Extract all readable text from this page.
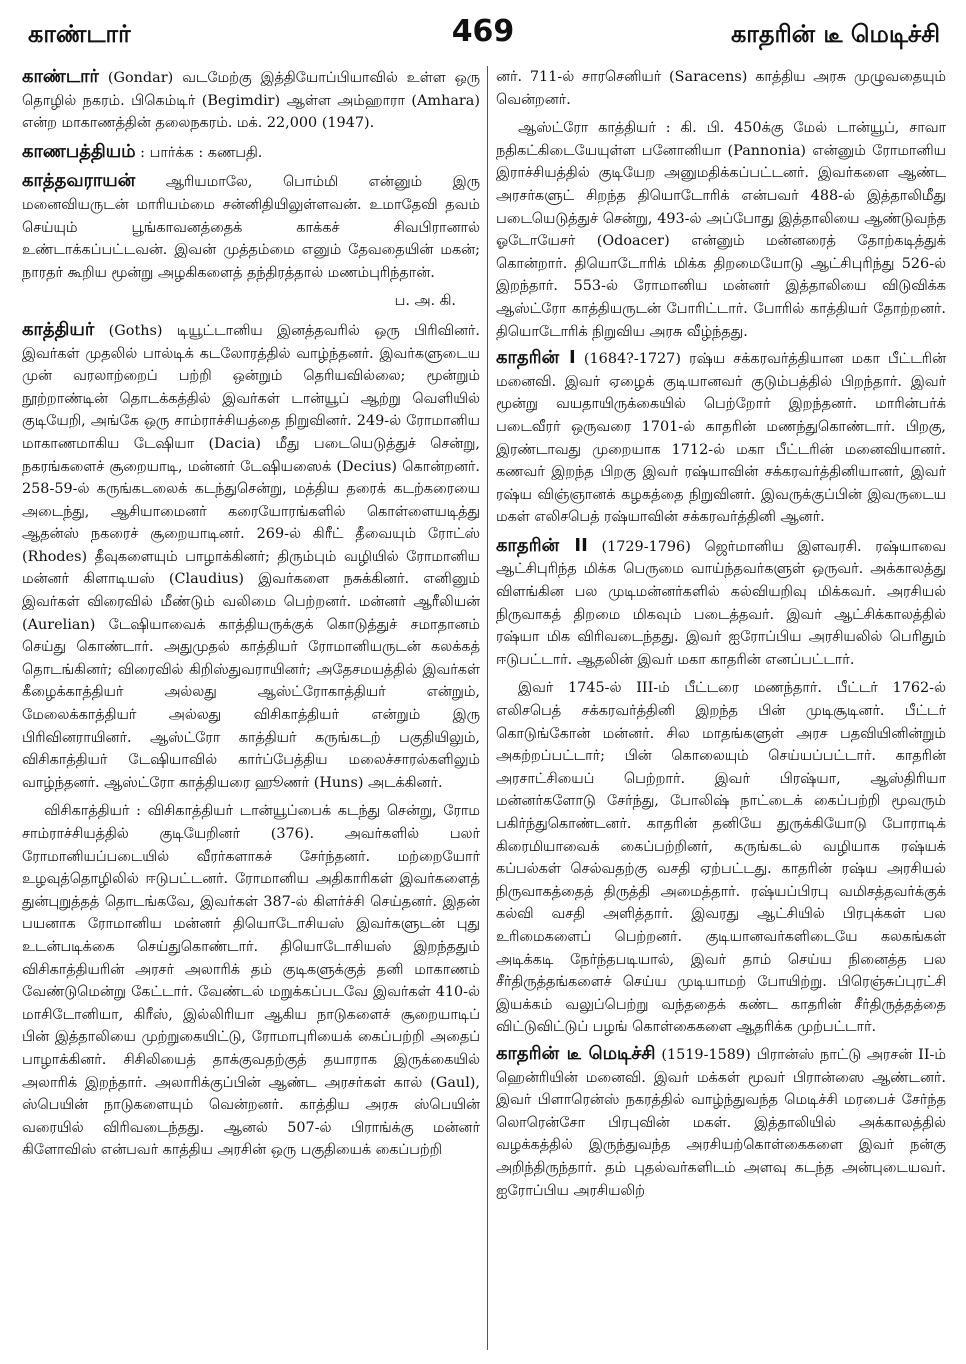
காண்டார்	469	காதரின் டீ மெடிச்சி

காண்டார் (Gondar) வடமேற்கு இத்தியோப்பியாவில் உள்ள ஒரு தொழில் நகரம். பிகெம்டிர் (Begimdir) ஆள்ள அம்ஹாரா (Amhara) என்ற மாகாணத்தின் தலைநகரம். மக். 22,000 (1947).

காணபத்தியம் : பார்க்க : கணபதி.

காத்தவராயன் ஆரியமாலே, பொம்மி என்னும் இரு மனைவியருடன் மாரியம்மை சன்னிதியிலுள்ளவன். உமாதேவி தவம் செய்யும் பூங்காவனத்தைக் காக்கச் சிவபிரானால் உண்டாக்கப்பட்டவன். இவன் முத்தம்மை எனும் தேவதையின் மகன்; நாரதர் கூறிய மூன்று அழகிகளைத் தந்திரத்தால் மணம்புரிந்தான்.

ப. அ. கி.

காத்தியர் (Goths) டியூட்டானிய இனத்தவரில் ஒரு பிரிவினர். இவர்கள் முதலில் பால்டிக் கடலோரத்தில் வாழ்ந்தனர். இவர்களுடைய முன் வரலாற்றைப் பற்றி ஒன்றும் தெரியவில்லை; மூன்றும் நூற்றாண்டின் தொடக்கத்தில் இவர்கள் டான்யூப் ஆற்று வெளியில் குடியேறி, அங்கே ஒரு சாம்ராச்சியத்தை நிறுவினர். 249-ல் ரோமானிய மாகாணமாகிய டேஷியா (Dacia) மீது படையெடுத்துச் சென்று, நகரங்களைச் சூறையாடி, மன்னர் டேஷியஸைக் (Decius) கொன்றனர். 258-59-ல் கருங்கடலைக் கடந்துசென்று, மத்திய தரைக் கடற்கரையை அடைந்து, ஆசியாமைனர் கரையோரங்களில் கொள்ளையடித்து ஆதன்ஸ் நகரைச் சூறையாடினர். 269-ல் கிரீட் தீவையும் ரோட்ஸ் (Rhodes) தீவுகளையும் பாழாக்கினர்; திரும்பும் வழியில் ரோமானிய மன்னர் கிளாடியஸ் (Claudius) இவர்களை நசுக்கினர். எனினும் இவர்கள் விரைவில் மீண்டும் வலிமை பெற்றனர். மன்னர் ஆரீலியன் (Aurelian) டேஷியாவைக் காத்தியருக்குக் கொடுத்துச் சமாதானம் செய்து கொண்டார். அதுமுதல் காத்தியர் ரோமானியருடன் கலக்கத் தொடங்கினர்; விரைவில் கிறிஸ்துவராயினர்; அதேசமயத்தில் இவர்கள் கீழைக்காத்தியர் அல்லது ஆஸ்ட்ரோகாத்தியர் என்றும், மேலைக்காத்தியர் அல்லது விசிகாத்தியர் என்றும் இரு பிரிவினராயினர். ஆஸ்ட்ரோ காத்தியர் கருங்கடற் பகுதியிலும், விசிகாத்தியர் டேஷியாவில் கார்ப்பேத்திய மலைச்சாரல்களிலும் வாழ்ந்தனர். ஆஸ்ட்ரோ காத்தியரை ஹூணர் (Huns) அடக்கினர்.

விசிகாத்தியர் : விசிகாத்தியர் டான்யூப்பைக் கடந்து சென்று, ரோம சாம்ராச்சியத்தில் குடியேறினர் (376). அவர்களில் பலர் ரோமானியப்படையில் வீரர்களாகச் சேர்ந்தனர். மற்றையோர் உழவுத்தொழிலில் ஈடுபட்டனர். ரோமானிய அதிகாரிகள் இவர்களைத் துன்புறுத்தத் தொடங்கவே, இவர்கள் 387-ல் கிளர்ச்சி செய்தனர். இதன் பயனாக ரோமானிய மன்னர் தியொடோசியஸ் இவர்களுடன் புது உடன்படிக்கை செய்துகொண்டார். தியொடோசியஸ் இறந்ததும் விசிகாத்தியரின் அரசர் அலாரிக் தம் குடிகளுக்குத் தனி மாகாணம் வேண்டுமென்று கேட்டார். வேண்டல் மறுக்கப்படவே இவர்கள் 410-ல் மாசிடோனியா, கிரீஸ், இல்லிரியா ஆகிய நாடுகளைச் சூறையாடிப் பின் இத்தாலியை முற்றுகையிட்டு, ரோமாபுரியைக் கைப்பற்றி அதைப் பாழாக்கினர். சிசிலியைத் தாக்குவதற்குத் தயாராக இருக்கையில் அலாரிக் இறந்தார். அலாரிக்குப்பின் ஆண்ட அரசர்கள் கால் (Gaul), ஸ்பெயின் நாடுகளையும் வென்றனர். காத்திய அரசு ஸ்பெயின் வரையில் விரிவடைந்தது. ஆனல் 507-ல் பிராங்க்கு மன்னர் கிளோவிஸ் என்பவர் காத்திய அரசின் ஒரு பகுதியைக் கைப்பற்றி

னர். 711-ல் சாரசெனியர் (Saracens) காத்திய அரசு முழுவதையும் வென்றனர்.

ஆஸ்ட்ரோ காத்தியர் : கி. பி. 450க்கு மேல் டான்யூப், சாவா நதிகட்கிடையேயுள்ள பனோனியா (Pannonia) என்னும் ரோமானிய இராச்சியத்தில் குடியேற அனுமதிக்கப்பட்டனர். இவர்களை ஆண்ட அரசர்களுட் சிறந்த தியொடோரிக் என்பவர் 488-ல் இத்தாலிமீது படையெடுத்துச் சென்று, 493-ல் அப்போது இத்தாலியை ஆண்டுவந்த ஓடோயேசர் (Odoacer) என்னும் மன்னரைத் தோற்கடித்துக் கொன்றார். தியொடோரிக் மிக்க திறமையோடு ஆட்சிபுரிந்து 526-ல் இறந்தார். 553-ல் ரோமானிய மன்னர் இத்தாலியை விடுவிக்க ஆஸ்ட்ரோ காத்தியருடன் போரிட்டார். போரில் காத்தியர் தோற்றனர். தியொடோரிக் நிறுவிய அரசு வீழ்ந்தது.

காதரின் I (1684?-1727) ரஷ்ய சக்கரவர்த்தியான மகா பீட்டரின் மனைவி. இவர் ஏழைக் குடியானவர் குடும்பத்தில் பிறந்தார். இவர் மூன்று வயதாயிருக்கையில் பெற்றோர் இறந்தனர். மாரின்பர்க் படைவீரர் ஒருவரை 1701-ல் காதரின் மணந்துகொண்டார். பிறகு, இரண்டாவது முறையாக 1712-ல் மகா பீட்டரின் மனைவியானர். கணவர் இறந்த பிறகு இவர் ரஷ்யாவின் சக்கரவர்த்தினியானர், இவர் ரஷ்ய விஞ்ஞானக் கழகத்தை நிறுவினர். இவருக்குப்பின் இவருடைய மகள் எலிசபெத் ரஷ்யாவின் சக்கரவர்த்தினி ஆனர்.

காதரின் II (1729-1796) ஜெர்மானிய இளவரசி. ரஷ்யாவை ஆட்சிபுரிந்த மிக்க பெருமை வாய்ந்தவர்களுள் ஒருவர். அக்காலத்து விளங்கின பல முடிமன்னர்களில் கல்வியறிவு மிக்கவர். அரசியல் நிருவாகத் திறமை மிகவும் படைத்தவர். இவர் ஆட்சிக்காலத்தில் ரஷ்யா மிக விரிவடைந்தது. இவர் ஐரோப்பிய அரசியலில் பெரிதும் ஈடுபட்டார். ஆதலின் இவர் மகா காதரின் எனப்பட்டார்.

இவர் 1745-ல் III-ம் பீட்டரை மணந்தார். பீட்டர் 1762-ல் எலிசபெத் சக்கரவர்த்தினி இறந்த பின் முடிசூடினர். பீட்டர் கொடுங்கோன் மன்னர். சில மாதங்களுள் அரச பதவியினின்றும் அகற்றப்பட்டார்; பின் கொலையும் செய்யப்பட்டார். காதரின் அரசாட்சியைப் பெற்றார். இவர் பிரஷ்யா, ஆஸ்திரியா மன்னர்களோடு சேர்ந்து, போலிஷ் நாட்டைக் கைப்பற்றி மூவரும் பகிர்ந்துகொண்டனர். காதரின் தனியே துருக்கியோடு போராடிக் கிரைமியாவைக் கைப்பற்றினர், கருங்கடல் வழியாக ரஷ்யக் கப்பல்கள் செல்வதற்கு வசதி ஏற்பட்டது. காதரின் ரஷ்ய அரசியல் நிருவாகத்தைத் திருத்தி அமைத்தார். ரஷ்யப்பிரபு வமிசத்தவர்க்குக் கல்வி வசதி அளித்தார். இவரது ஆட்சியில் பிரபுக்கள் பல உரிமைகளைப் பெற்றனர். குடியானவர்களிடையே கலகங்கள் அடிக்கடி நேர்ந்தபடியால், இவர் தாம் செய்ய நினைத்த பல சீர்திருத்தங்களைச் செய்ய முடியாமற் போயிற்று. பிரெஞ்சுப்புரட்சி இயக்கம் வலுப்பெற்று வந்ததைக் கண்ட காதரின் சீர்திருத்தத்தை விட்டுவிட்டுப் பழங் கொள்கைகளை ஆதரிக்க முற்பட்டார்.

காதரின் டீ மெடிச்சி (1519-1589) பிரான்ஸ் நாட்டு அரசன் II-ம் ஹென்ரியின் மனைவி. இவர் மக்கள் மூவர் பிரான்ஸை ஆண்டனர். இவர் பிளாரென்ஸ் நகரத்தில் வாழ்ந்துவந்த மெடிச்சி மரபைச் சேர்ந்த லொரென்சோ பிரபுவின் மகள். இத்தாலியில் அக்காலத்தில் வழக்கத்தில் இருந்துவந்த அரசியற்கொள்கைகளை இவர் நன்கு அறிந்திருந்தார். தம் புதல்வர்களிடம் அளவு கடந்த அன்புடையவர். ஐரோப்பிய அரசியலிற்
